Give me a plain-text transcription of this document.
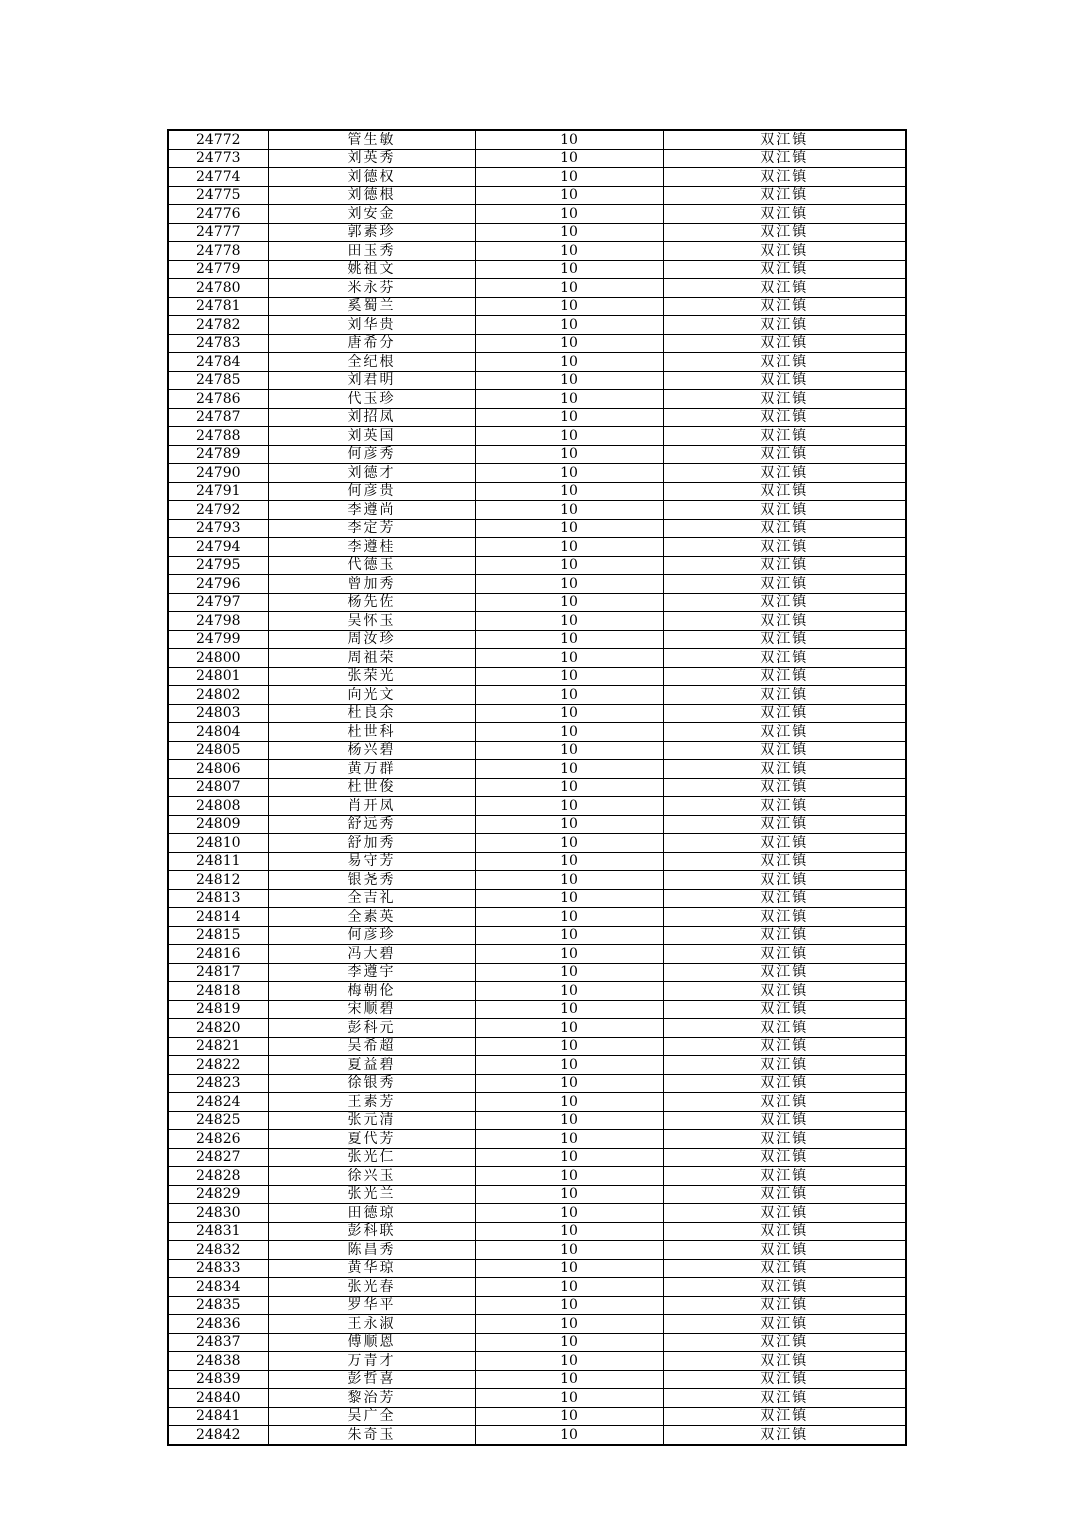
24772	管生敏	10	双江镇
24773	刘英秀	10	双江镇
24774	刘德权	10	双江镇
24775	刘德根	10	双江镇
24776	刘安金	10	双江镇
24777	郭素珍	10	双江镇
24778	田玉秀	10	双江镇
24779	姚祖文	10	双江镇
24780	米永芬	10	双江镇
24781	奚蜀兰	10	双江镇
24782	刘华贵	10	双江镇
24783	唐希分	10	双江镇
24784	全纪根	10	双江镇
24785	刘君明	10	双江镇
24786	代玉珍	10	双江镇
24787	刘招凤	10	双江镇
24788	刘英国	10	双江镇
24789	何彦秀	10	双江镇
24790	刘德才	10	双江镇
24791	何彦贵	10	双江镇
24792	李遵尚	10	双江镇
24793	李定芳	10	双江镇
24794	李遵桂	10	双江镇
24795	代德玉	10	双江镇
24796	曾加秀	10	双江镇
24797	杨先佐	10	双江镇
24798	吴怀玉	10	双江镇
24799	周汝珍	10	双江镇
24800	周祖荣	10	双江镇
24801	张荣光	10	双江镇
24802	向光文	10	双江镇
24803	杜良余	10	双江镇
24804	杜世科	10	双江镇
24805	杨兴碧	10	双江镇
24806	黄万群	10	双江镇
24807	杜世俊	10	双江镇
24808	肖开凤	10	双江镇
24809	舒远秀	10	双江镇
24810	舒加秀	10	双江镇
24811	易守芳	10	双江镇
24812	银尧秀	10	双江镇
24813	全吉礼	10	双江镇
24814	全素英	10	双江镇
24815	何彦珍	10	双江镇
24816	冯大碧	10	双江镇
24817	李遵宇	10	双江镇
24818	梅朝伦	10	双江镇
24819	宋顺碧	10	双江镇
24820	彭科元	10	双江镇
24821	吴希超	10	双江镇
24822	夏益碧	10	双江镇
24823	徐银秀	10	双江镇
24824	王素芳	10	双江镇
24825	张元清	10	双江镇
24826	夏代芳	10	双江镇
24827	张光仁	10	双江镇
24828	徐兴玉	10	双江镇
24829	张光兰	10	双江镇
24830	田德琼	10	双江镇
24831	彭科联	10	双江镇
24832	陈昌秀	10	双江镇
24833	黄华琼	10	双江镇
24834	张光春	10	双江镇
24835	罗华平	10	双江镇
24836	王永淑	10	双江镇
24837	傅顺恩	10	双江镇
24838	万青才	10	双江镇
24839	彭哲喜	10	双江镇
24840	黎治芳	10	双江镇
24841	吴广全	10	双江镇
24842	朱奇玉	10	双江镇
